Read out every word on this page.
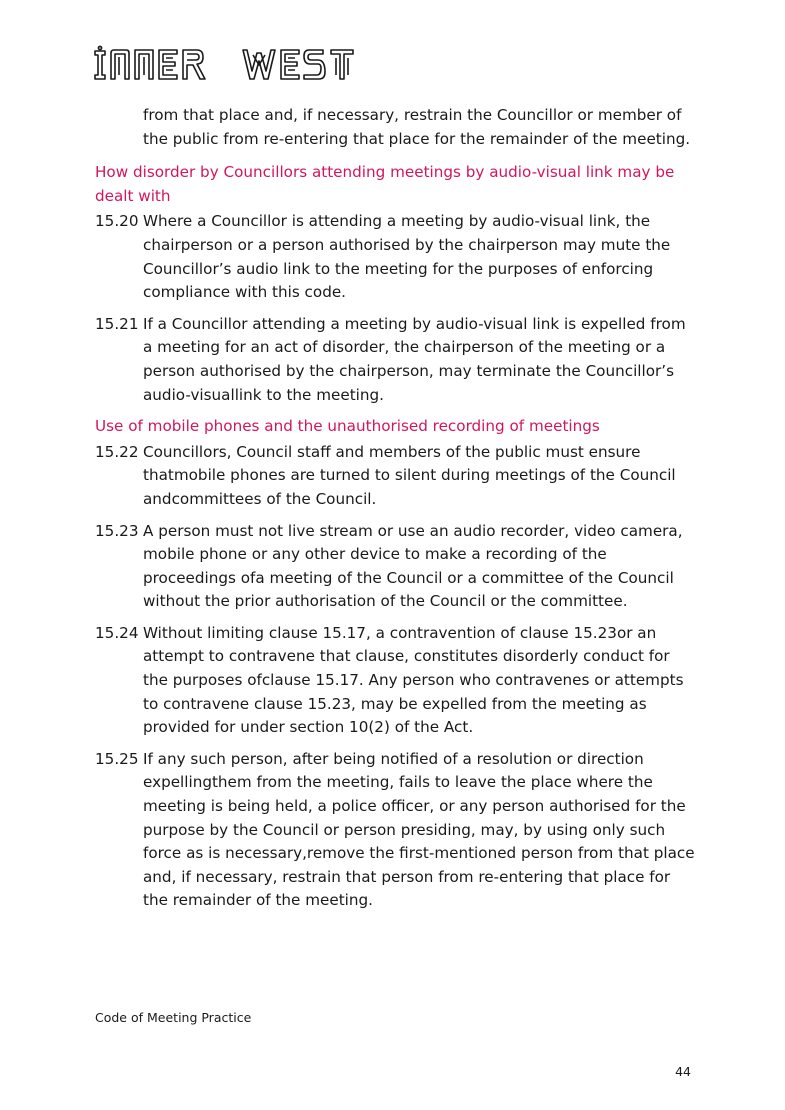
from that place and, if necessary, restrain the Councillor or member of the public from re-entering that place for the remainder of the meeting.

How disorder by Councillors attending meetings by audio-visual link may be dealt with

15.20 Where a Councillor is attending a meeting by audio-visual link, the chairperson or a person authorised by the chairperson may mute the Councillor’s audio link to the meeting for the purposes of enforcing compliance with this code.
15.21 If a Councillor attending a meeting by audio-visual link is expelled from a meeting for an act of disorder, the chairperson of the meeting or a person authorised by the chairperson, may terminate the Councillor’s audio-visuallink to the meeting.

Use of mobile phones and the unauthorised recording of meetings

15.22 Councillors, Council staff and members of the public must ensure thatmobile phones are turned to silent during meetings of the Council andcommittees of the Council.
15.23 A person must not live stream or use an audio recorder, video camera, mobile phone or any other device to make a recording of the proceedings ofa meeting of the Council or a committee of the Council without the prior authorisation of the Council or the committee.
15.24 Without limiting clause 15.17, a contravention of clause 15.23or an attempt to contravene that clause, constitutes disorderly conduct for the purposes ofclause 15.17. Any person who contravenes or attempts to contravene clause 15.23, may be expelled from the meeting as provided for under section 10(2) of the Act.
15.25 If any such person, after being notified of a resolution or direction expellingthem from the meeting, fails to leave the place where the meeting is being held, a police officer, or any person authorised for the purpose by the Council or person presiding, may, by using only such force as is necessary,remove the first-mentioned person from that place and, if necessary, restrain that person from re-entering that place for the remainder of the meeting.
Code of Meeting Practice
44
